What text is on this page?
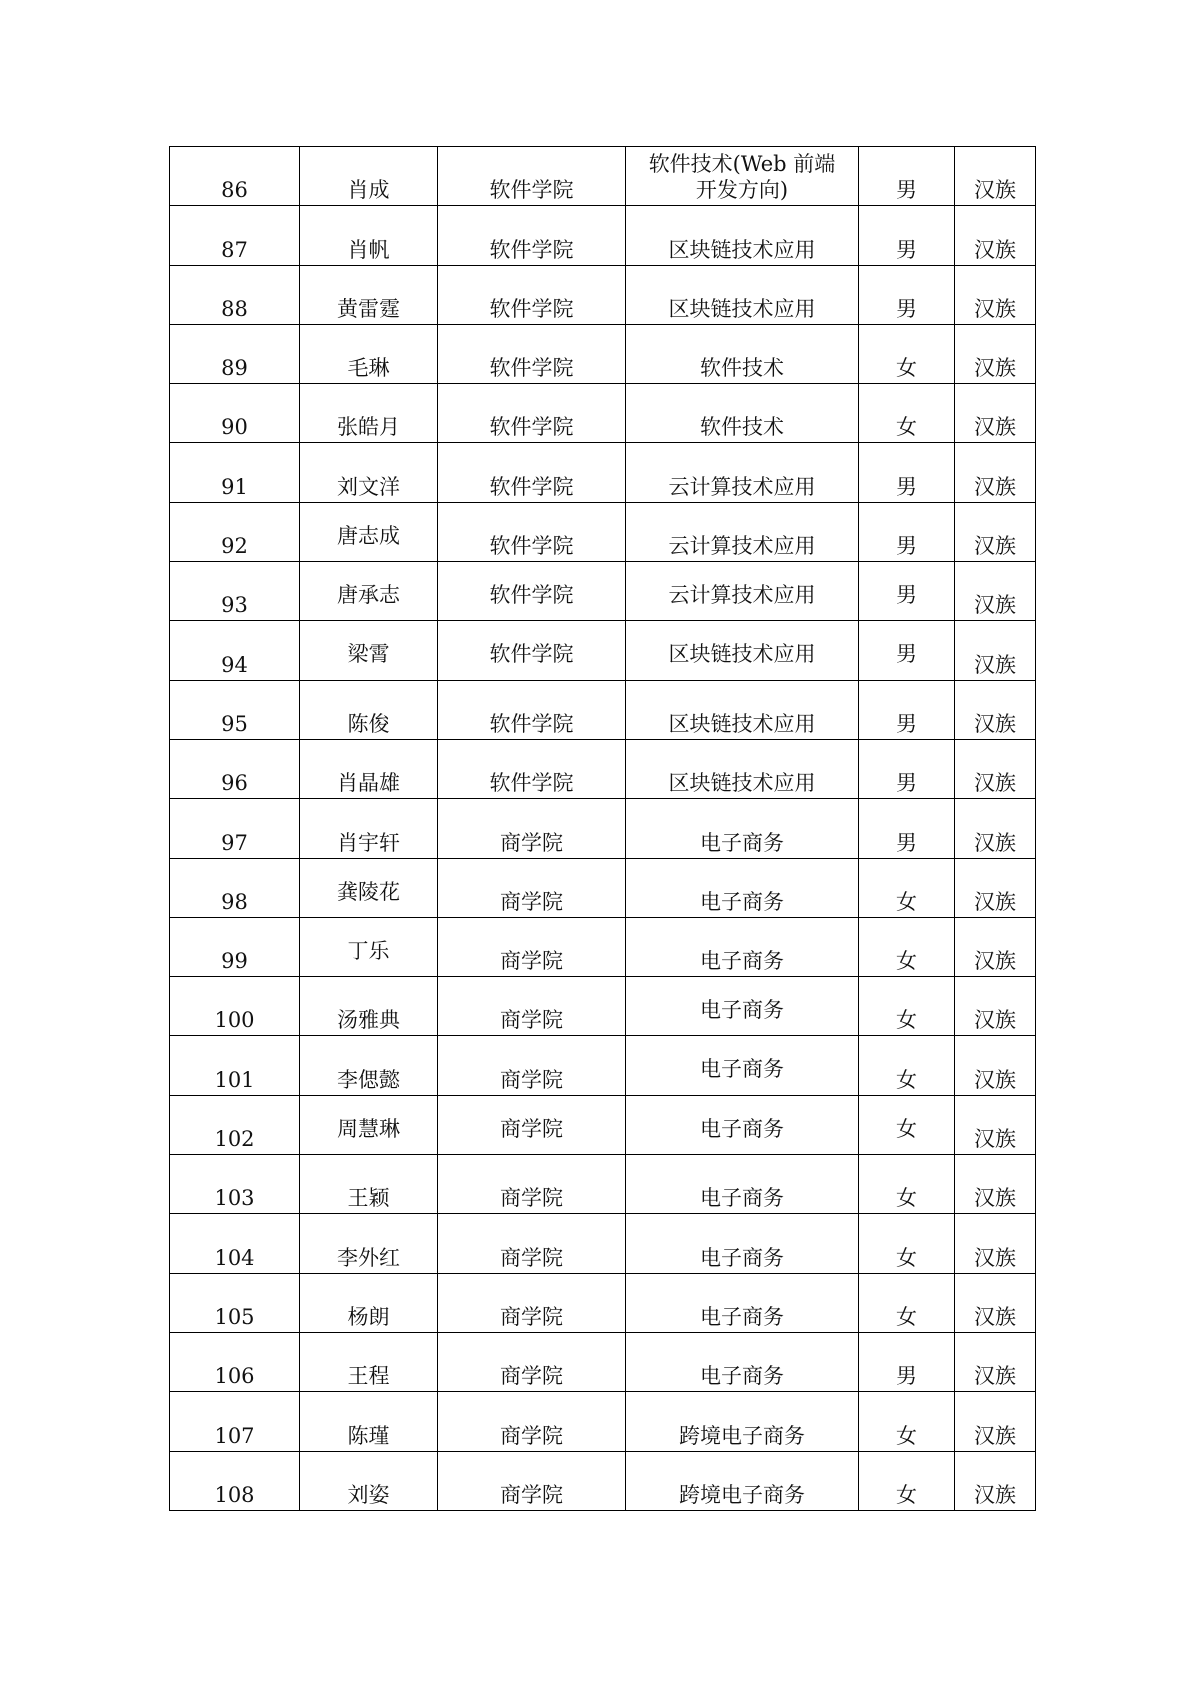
86	肖成	软件学院	软件技术(Web 前端开发方向)	男	汉族
87	肖帆	软件学院	区块链技术应用	男	汉族
88	黄雷霆	软件学院	区块链技术应用	男	汉族
89	毛琳	软件学院	软件技术	女	汉族
90	张皓月	软件学院	软件技术	女	汉族
91	刘文洋	软件学院	云计算技术应用	男	汉族
92	唐志成	软件学院	云计算技术应用	男	汉族
93	唐承志	软件学院	云计算技术应用	男	汉族
94	梁霄	软件学院	区块链技术应用	男	汉族
95	陈俊	软件学院	区块链技术应用	男	汉族
96	肖晶雄	软件学院	区块链技术应用	男	汉族
97	肖宇轩	商学院	电子商务	男	汉族
98	龚陵花	商学院	电子商务	女	汉族
99	丁乐	商学院	电子商务	女	汉族
100	汤雅典	商学院	电子商务	女	汉族
101	李偲懿	商学院	电子商务	女	汉族
102	周慧琳	商学院	电子商务	女	汉族
103	王颖	商学院	电子商务	女	汉族
104	李外红	商学院	电子商务	女	汉族
105	杨朗	商学院	电子商务	女	汉族
106	王程	商学院	电子商务	男	汉族
107	陈瑾	商学院	跨境电子商务	女	汉族
108	刘姿	商学院	跨境电子商务	女	汉族
